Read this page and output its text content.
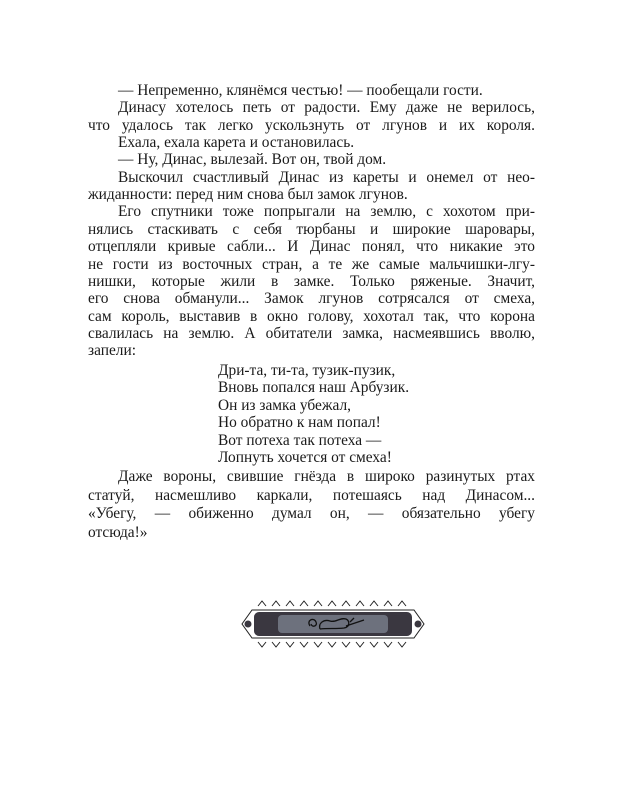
— Непременно, клянёмся честью! — пообещали гости.
Динасу хотелось петь от радости. Ему даже не верилось,
что удалось так легко ускользнуть от лгунов и их короля.
Ехала, ехала карета и остановилась.
— Ну, Динас, вылезай. Вот он, твой дом.
Выскочил счастливый Динас из кареты и онемел от нео-
жиданности: перед ним снова был замок лгунов.
Его спутники тоже попрыгали на землю, с хохотом при-
нялись стаскивать с себя тюрбаны и широкие шаровары,
отцепляли кривые сабли... И Динас понял, что никакие это
не гости из восточных стран, а те же самые мальчишки-лгу-
нишки, которые жили в замке. Только ряженые. Значит,
его снова обманули... Замок лгунов сотрясался от смеха,
сам король, выставив в окно голову, хохотал так, что корона
свалилась на землю. А обитатели замка, насмеявшись вволю,
запели:
Дри-та, ти-та, тузик-пузик,
Вновь попался наш Арбузик.
Он из замка убежал,
Но обратно к нам попал!
Вот потеха так потеха —
Лопнуть хочется от смеха!
Даже вороны, свившие гнёзда в широко разинутых ртах
статуй, насмешливо каркали, потешаясь над Динасом...
«Убегу, — обиженно думал он, — обязательно убегу
отсюда!»
